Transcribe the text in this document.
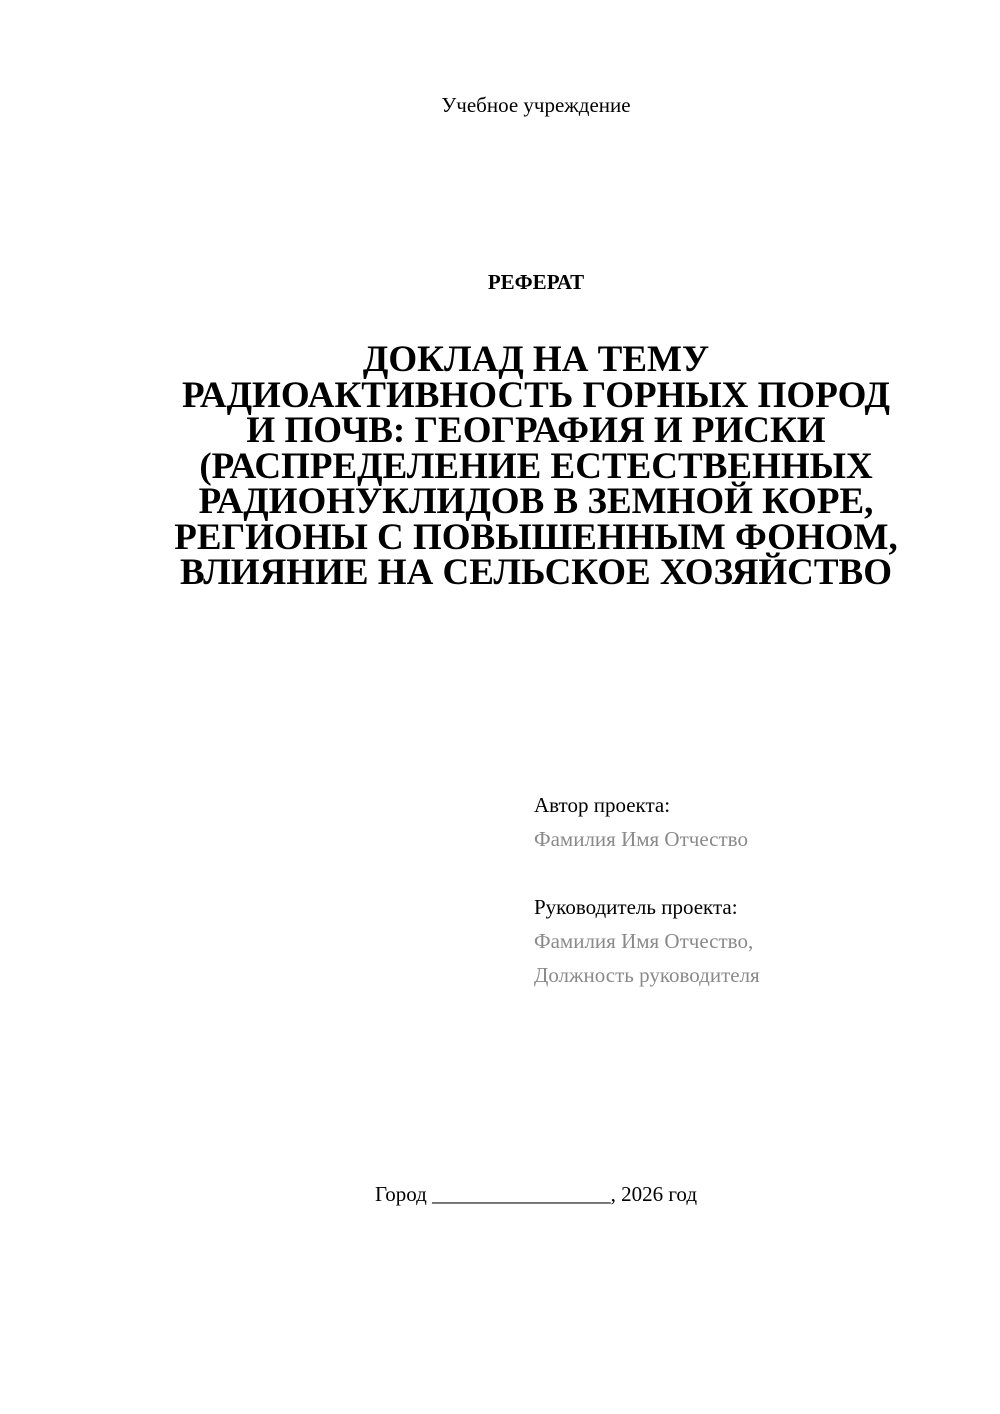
Учебное учреждение
РЕФЕРАТ
ДОКЛАД НА ТЕМУ
РАДИОАКТИВНОСТЬ ГОРНЫХ ПОРОД
И ПОЧВ: ГЕОГРАФИЯ И РИСКИ
(РАСПРЕДЕЛЕНИЕ ЕСТЕСТВЕННЫХ
РАДИОНУКЛИДОВ В ЗЕМНОЙ КОРЕ,
РЕГИОНЫ С ПОВЫШЕННЫМ ФОНОМ,
ВЛИЯНИЕ НА СЕЛЬСКОЕ ХОЗЯЙСТВО
Автор проекта:
Фамилия Имя Отчество
Руководитель проекта:
Фамилия Имя Отчество,
Должность руководителя
Город _________________, 2026 год
